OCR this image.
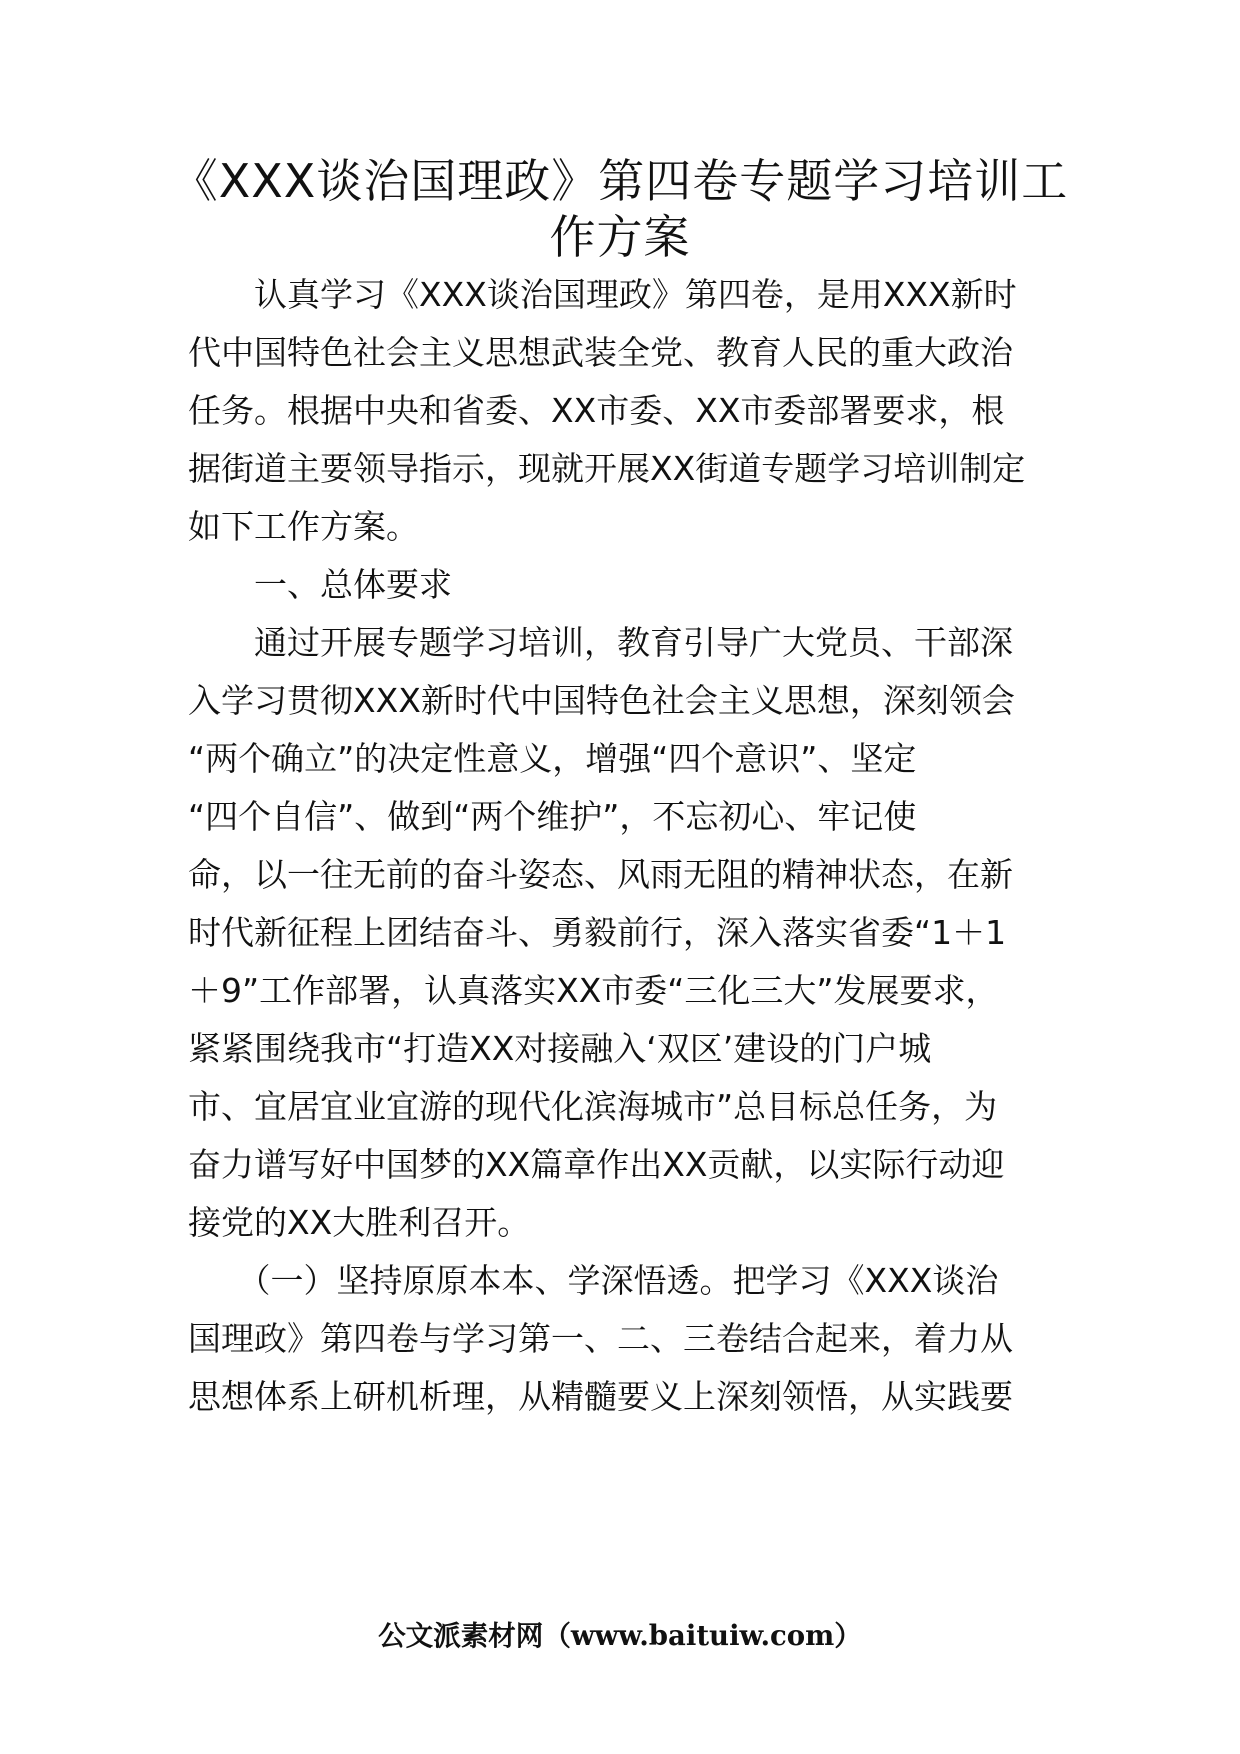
《XXX谈治国理政》第四卷专题学习培训工
作方案

　　认真学习《XXX谈治国理政》第四卷，是用XXX新时

代中国特色社会主义思想武装全党、教育人民的重大政治

任务。根据中央和省委、XX市委、XX市委部署要求，根

据街道主要领导指示，现就开展XX街道专题学习培训制定

如下工作方案。

　　一、总体要求

　　通过开展专题学习培训，教育引导广大党员、干部深

入学习贯彻XXX新时代中国特色社会主义思想，深刻领会

“两个确立”的决定性意义，增强“四个意识”、坚定

“四个自信”、做到“两个维护”，不忘初心、牢记使

命，以一往无前的奋斗姿态、风雨无阻的精神状态，在新

时代新征程上团结奋斗、勇毅前行，深入落实省委“1＋1

＋9”工作部署，认真落实XX市委“三化三大”发展要求，

紧紧围绕我市“打造XX对接融入‘双区’建设的门户城

市、宜居宜业宜游的现代化滨海城市”总目标总任务，为

奋力谱写好中国梦的XX篇章作出XX贡献，以实际行动迎

接党的XX大胜利召开。

　　（一）坚持原原本本、学深悟透。把学习《XXX谈治

国理政》第四卷与学习第一、二、三卷结合起来，着力从

思想体系上研机析理，从精髓要义上深刻领悟，从实践要

公文派素材网（www.baituiw.com）
